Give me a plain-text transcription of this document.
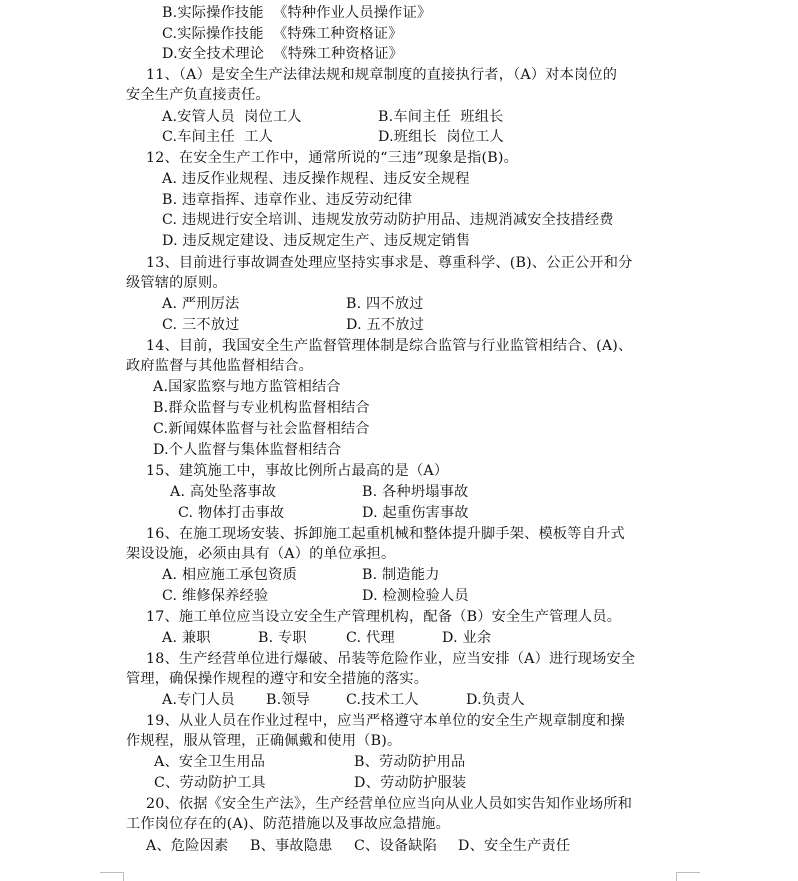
B.实际操作技能  《特种作业人员操作证》
C.实际操作技能  《特殊工种资格证》
D.安全技术理论  《特殊工种资格证》
11、（A）是安全生产法律法规和规章制度的直接执行者，（A）对本岗位的
安全生产负直接责任。
A.安管人员  岗位工人	B.车间主任  班组长
C.车间主任  工人	D.班组长  岗位工人
12、在安全生产工作中，通常所说的“三违”现象是指(B)。
A. 违反作业规程、违反操作规程、违反安全规程
B. 违章指挥、违章作业、违反劳动纪律
C. 违规进行安全培训、违规发放劳动防护用品、违规消减安全技措经费
D. 违反规定建设、违反规定生产、违反规定销售
13、目前进行事故调查处理应坚持实事求是、尊重科学、(B)、公正公开和分
级管辖的原则。
A. 严刑厉法	B. 四不放过
C. 三不放过	D. 五不放过
14、目前，我国安全生产监督管理体制是综合监管与行业监管相结合、(A)、
政府监督与其他监督相结合。
A.国家监察与地方监管相结合
B.群众监督与专业机构监督相结合
C.新闻媒体监督与社会监督相结合
D.个人监督与集体监督相结合
15、建筑施工中，事故比例所占最高的是（A）
A. 高处坠落事故	B. 各种坍塌事故
C. 物体打击事故	D. 起重伤害事故
16、在施工现场安装、拆卸施工起重机械和整体提升脚手架、模板等自升式
架设设施，必须由具有（A）的单位承担。
A. 相应施工承包资质	B. 制造能力
C. 维修保养经验	D. 检测检验人员
17、施工单位应当设立安全生产管理机构，配备（B）安全生产管理人员。
A. 兼职	B. 专职	C. 代理	D. 业余
18、生产经营单位进行爆破、吊装等危险作业，应当安排（A）进行现场安全
管理，确保操作规程的遵守和安全措施的落实。
A.专门人员 B.领导	C.技术工人	D.负责人
19、从业人员在作业过程中，应当严格遵守本单位的安全生产规章制度和操
作规程，服从管理，正确佩戴和使用（B)。
A、安全卫生用品	B、劳动防护用品
C、劳动防护工具	D、劳动防护服装
20、依据《安全生产法》，生产经营单位应当向从业人员如实告知作业场所和
工作岗位存在的(A)、防范措施以及事故应急措施。
A、危险因素 B、事故隐患 C、设备缺陷 D、安全生产责任
